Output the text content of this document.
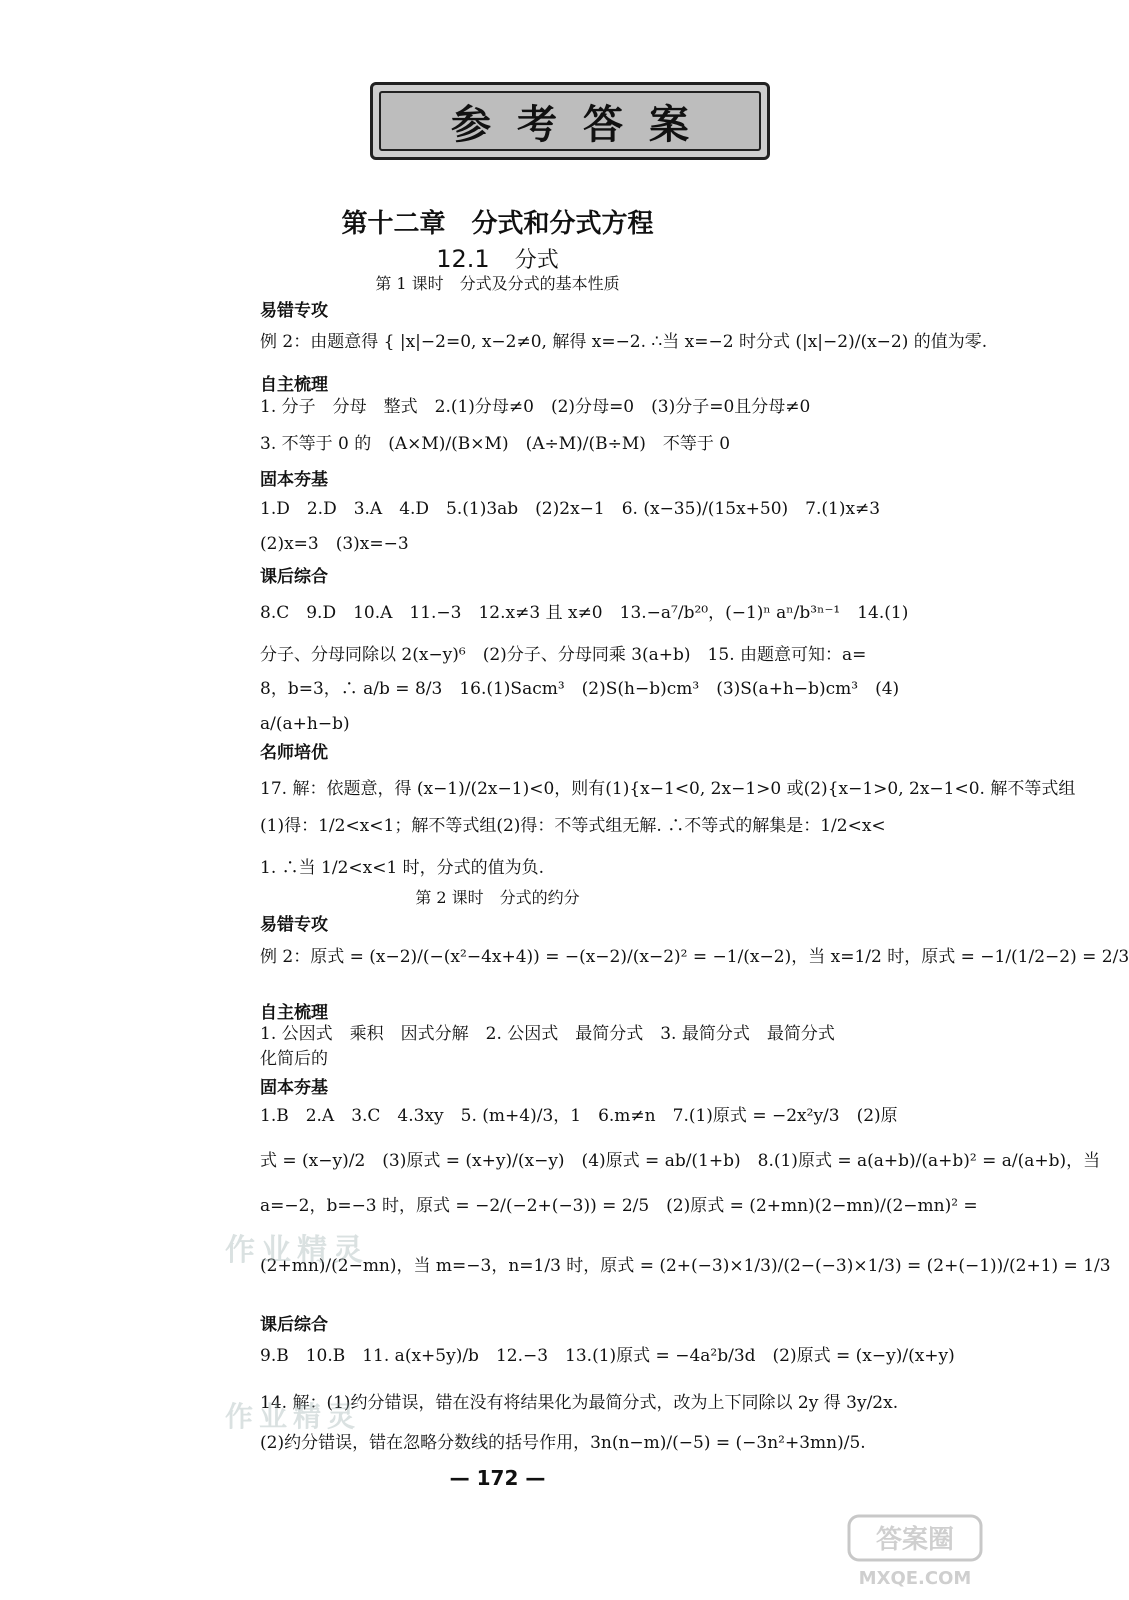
参考答案
第十二章　分式和分式方程
12.1 分式
第 1 课时　分式及分式的基本性质
易错专攻
例 2：由题意得 { |x|−2=0, x−2≠0, 解得 x=−2. ∴当 x=−2 时分式 (|x|−2)/(x−2) 的值为零.
自主梳理
1. 分子　分母　整式　2.(1)分母≠0　(2)分母=0　(3)分子=0且分母≠0
3. 不等于 0 的　(A×M)/(B×M)　(A÷M)/(B÷M)　不等于 0
固本夯基
1.D　2.D　3.A　4.D　5.(1)3ab　(2)2x−1　6. (x−35)/(15x+50)　7.(1)x≠3
(2)x=3　(3)x=−3
课后综合
8.C　9.D　10.A　11.−3　12.x≠3 且 x≠0　13.−a⁷/b²⁰，(−1)ⁿ aⁿ/b³ⁿ⁻¹　14.(1)
分子、分母同除以 2(x−y)⁶　(2)分子、分母同乘 3(a+b)　15. 由题意可知：a=
8，b=3，∴ a/b = 8/3　16.(1)Sacm³　(2)S(h−b)cm³　(3)S(a+h−b)cm³　(4)
a/(a+h−b)
名师培优
17. 解：依题意，得 (x−1)/(2x−1)<0，则有(1){x−1<0, 2x−1>0 或(2){x−1>0, 2x−1<0. 解不等式组
(1)得：1/2<x<1；解不等式组(2)得：不等式组无解. ∴不等式的解集是：1/2<x<
1. ∴当 1/2<x<1 时，分式的值为负.
第 2 课时　分式的约分
易错专攻
例 2：原式 = (x−2)/(−(x²−4x+4)) = −(x−2)/(x−2)² = −1/(x−2)，当 x=1/2 时，原式 = −1/(1/2−2) = 2/3
自主梳理
1. 公因式　乘积　因式分解　2. 公因式　最简分式　3. 最简分式　最简分式
化简后的
固本夯基
1.B　2.A　3.C　4.3xy　5. (m+4)/3，1　6.m≠n　7.(1)原式 = −2x²y/3　(2)原
式 = (x−y)/2　(3)原式 = (x+y)/(x−y)　(4)原式 = ab/(1+b)　8.(1)原式 = a(a+b)/(a+b)² = a/(a+b)，当
a=−2，b=−3 时，原式 = −2/(−2+(−3)) = 2/5　(2)原式 = (2+mn)(2−mn)/(2−mn)² =
(2+mn)/(2−mn)，当 m=−3，n=1/3 时，原式 = (2+(−3)×1/3)/(2−(−3)×1/3) = (2+(−1))/(2+1) = 1/3
课后综合
9.B　10.B　11. a(x+5y)/b　12.−3　13.(1)原式 = −4a²b/3d　(2)原式 = (x−y)/(x+y)
14. 解：(1)约分错误，错在没有将结果化为最简分式，改为上下同除以 2y 得 3y/2x.
(2)约分错误，错在忽略分数线的括号作用，3n(n−m)/(−5) = (−3n²+3mn)/5.
— 172 —
作业精灵
作业精灵
答案圈
MXQE.COM
